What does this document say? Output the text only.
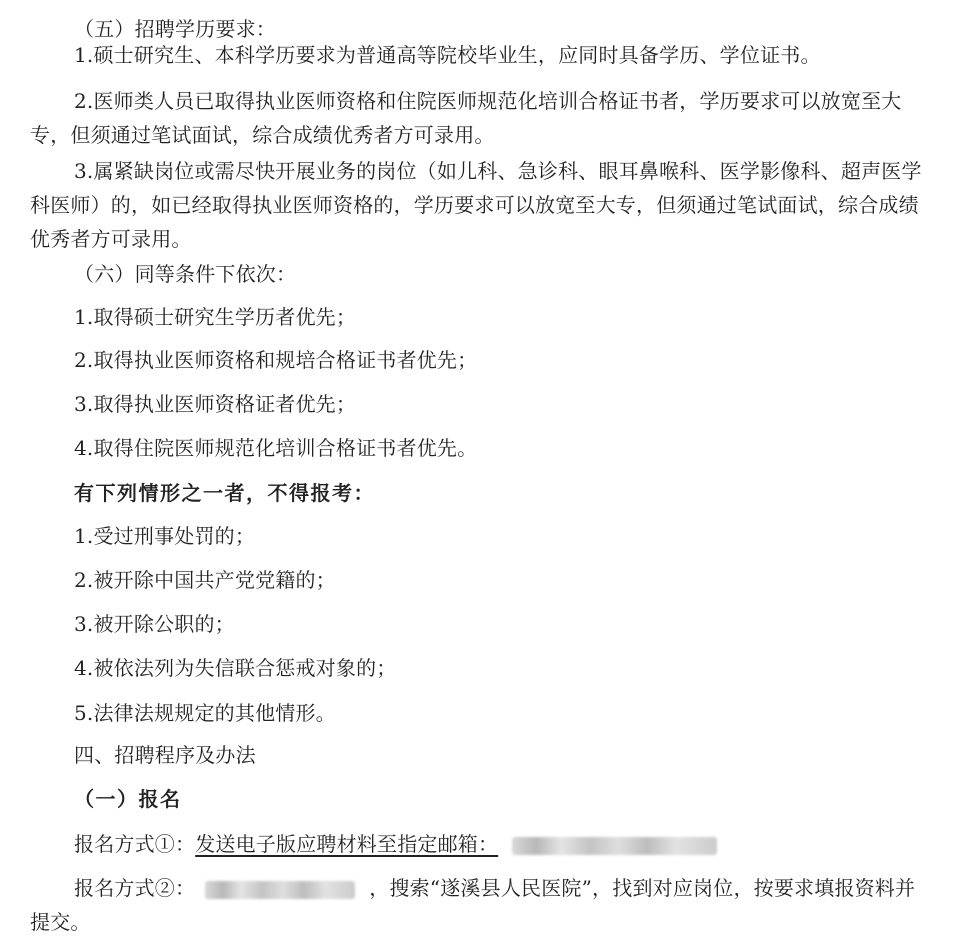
（五）招聘学历要求：

1.硕士研究生、本科学历要求为普通高等院校毕业生，应同时具备学历、学位证书。

2.医师类人员已取得执业医师资格和住院医师规范化培训合格证书者，学历要求可以放宽至大专，但须通过笔试面试，综合成绩优秀者方可录用。

3.属紧缺岗位或需尽快开展业务的岗位（如儿科、急诊科、眼耳鼻喉科、医学影像科、超声医学科医师）的，如已经取得执业医师资格的，学历要求可以放宽至大专，但须通过笔试面试，综合成绩优秀者方可录用。

（六）同等条件下依次：

1.取得硕士研究生学历者优先；

2.取得执业医师资格和规培合格证书者优先；

3.取得执业医师资格证者优先；

4.取得住院医师规范化培训合格证书者优先。

有下列情形之一者，不得报考：

1.受过刑事处罚的；

2.被开除中国共产党党籍的；

3.被开除公职的；

4.被依法列为失信联合惩戒对象的；

5.法律法规规定的其他情形。

四、招聘程序及办法

（一）报名

报名方式①：发送电子版应聘材料至指定邮箱：

报名方式②：	，搜索“遂溪县人民医院”，找到对应岗位，按要求填报资料并提交。
